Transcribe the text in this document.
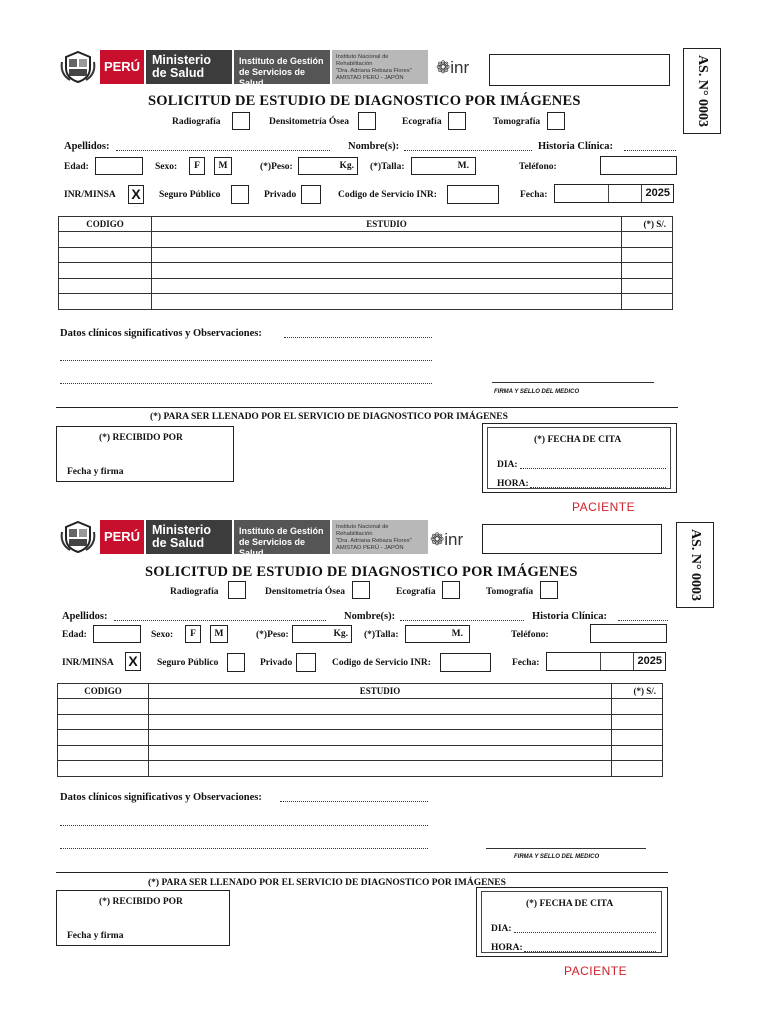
PERÚ Ministerio
de Salud
Instituto de Gestión
de Servicios de Salud
Instituto Nacional de Rehabilitación
"Dra. Adriana Rebaza Flores"
AMISTAD PERÚ - JAPÓN
❁inr	AS. N° 0003
SOLICITUD DE ESTUDIO DE DIAGNOSTICO POR IMÁGENES
Radiografía	Densitometría Ósea	Ecografía	Tomografía
Apellidos:	Nombre(s):	Historia Clínica:
Edad:	Sexo:	F	M	(*)Peso:	Kg.	(*)Talla:	M.	Teléfono:
INR/MINSA X	Seguro Público	Privado	Codigo de Servicio INR:	Fecha:	2025
CODIGO	ESTUDIO	(*) S/.

Datos clínicos significativos y Observaciones:
FIRMA Y SELLO DEL MEDICO
(*) PARA SER LLENADO POR EL SERVICIO DE DIAGNOSTICO POR IMÁGENES
(*) RECIBIDO POR
Fecha y firma
(*) FECHA DE CITA
DIA:
HORA:
PACIENTE
PERÚ Ministerio
de Salud
Instituto de Gestión
de Servicios de Salud
Instituto Nacional de Rehabilitación
"Dra. Adriana Rebaza Flores"
AMISTAD PERÚ - JAPÓN	❁inr	AS. N° 0003
SOLICITUD DE ESTUDIO DE DIAGNOSTICO POR IMÁGENES
Radiografía	Densitometría Ósea	Ecografía	Tomografía
Apellidos:	Nombre(s):	Historia Clínica:
Edad:	Sexo:	F	M	(*)Peso:	Kg.	(*)Talla:	M.	Teléfono:
INR/MINSA X	Seguro Público	Privado	Codigo de Servicio INR:	Fecha:	2025
CODIGO	ESTUDIO	(*) S/.

Datos clínicos significativos y Observaciones:
FIRMA Y SELLO DEL MEDICO
(*) PARA SER LLENADO POR EL SERVICIO DE DIAGNOSTICO POR IMÁGENES
(*) RECIBIDO POR
Fecha y firma
(*) FECHA DE CITA
DIA:
HORA:
PACIENTE
